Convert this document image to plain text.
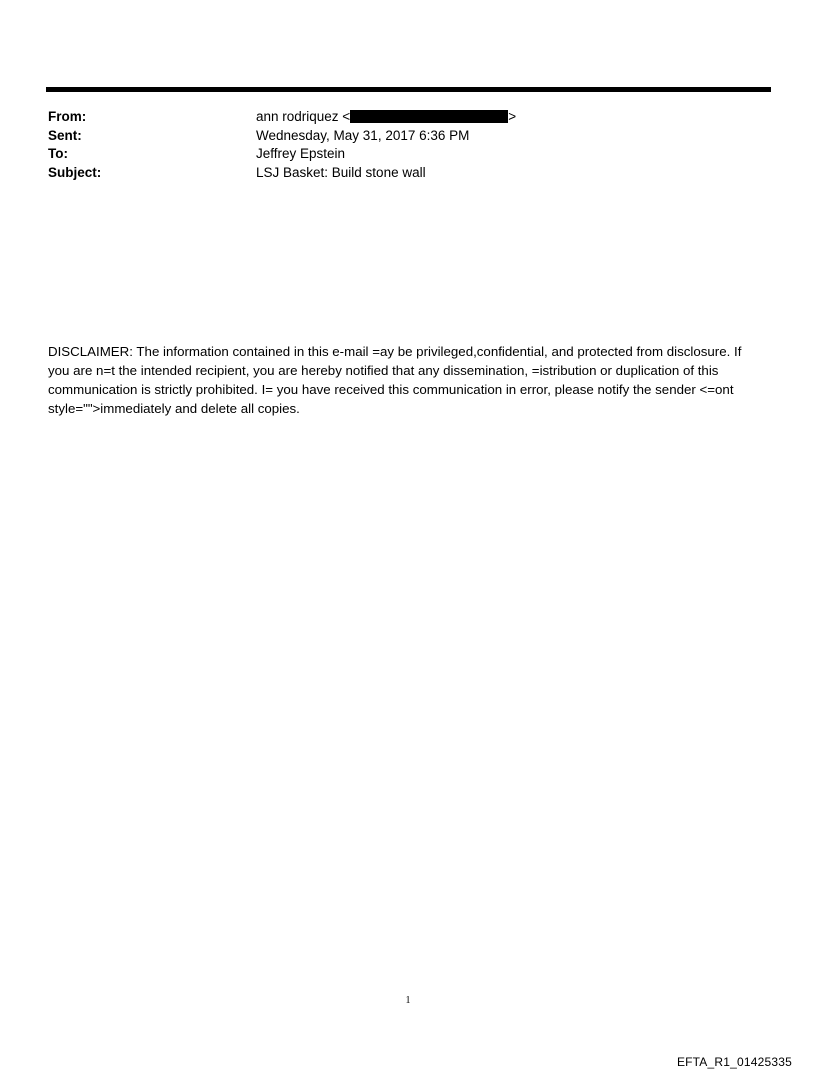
From:	ann rodriquez <	>
Sent:	Wednesday, May 31, 2017 6:36 PM
To:	Jeffrey Epstein
Subject:	LSJ Basket: Build stone wall
DISCLAIMER: The information contained in this e-mail =ay be privileged,confidential, and protected from disclosure. If you are n=t the intended recipient, you are hereby notified that any dissemination, =istribution or duplication of this communication is strictly prohibited. I= you have received this communication in error, please notify the sender <=ont style="">immediately and delete all copies.
1
EFTA_R1_01425335
